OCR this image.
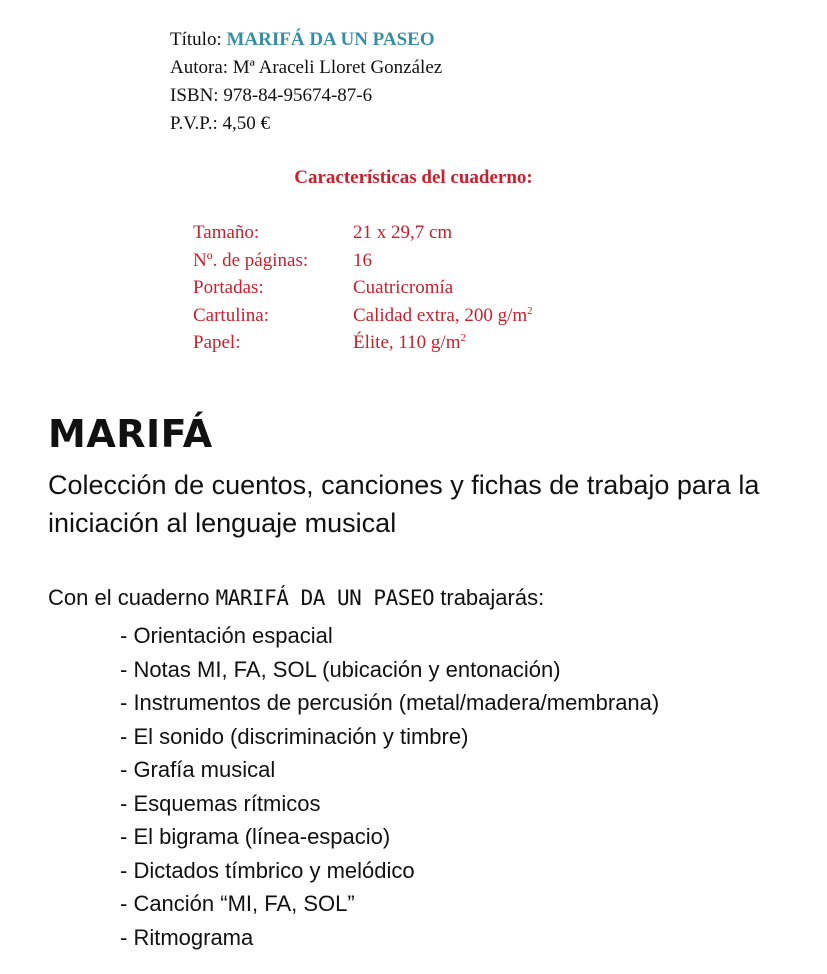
Título: MARIFÁ DA UN PASEO
Autora: Mª Araceli Lloret González
ISBN: 978-84-95674-87-6
P.V.P.: 4,50 €
Características del cuaderno:
Tamaño:	21 x 29,7 cm
Nº. de páginas: 16
Portadas:	Cuatricromía
Cartulina:	Calidad extra, 200 $g/m^2$
Papel:	Élite, 110 $g/m^2$
MARIFÁ
Colección de cuentos, canciones y fichas de trabajo para la iniciación al lenguaje musical
Con el cuaderno MARIFÁ DA UN PASEO trabajarás:
- Orientación espacial
- Notas MI, FA, SOL (ubicación y entonación)
- Instrumentos de percusión (metal/madera/membrana)
- El sonido (discriminación y timbre)
- Grafía musical
- Esquemas rítmicos
- El bigrama (línea-espacio)
- Dictados tímbrico y melódico
- Canción “MI, FA, SOL”
- Ritmograma
